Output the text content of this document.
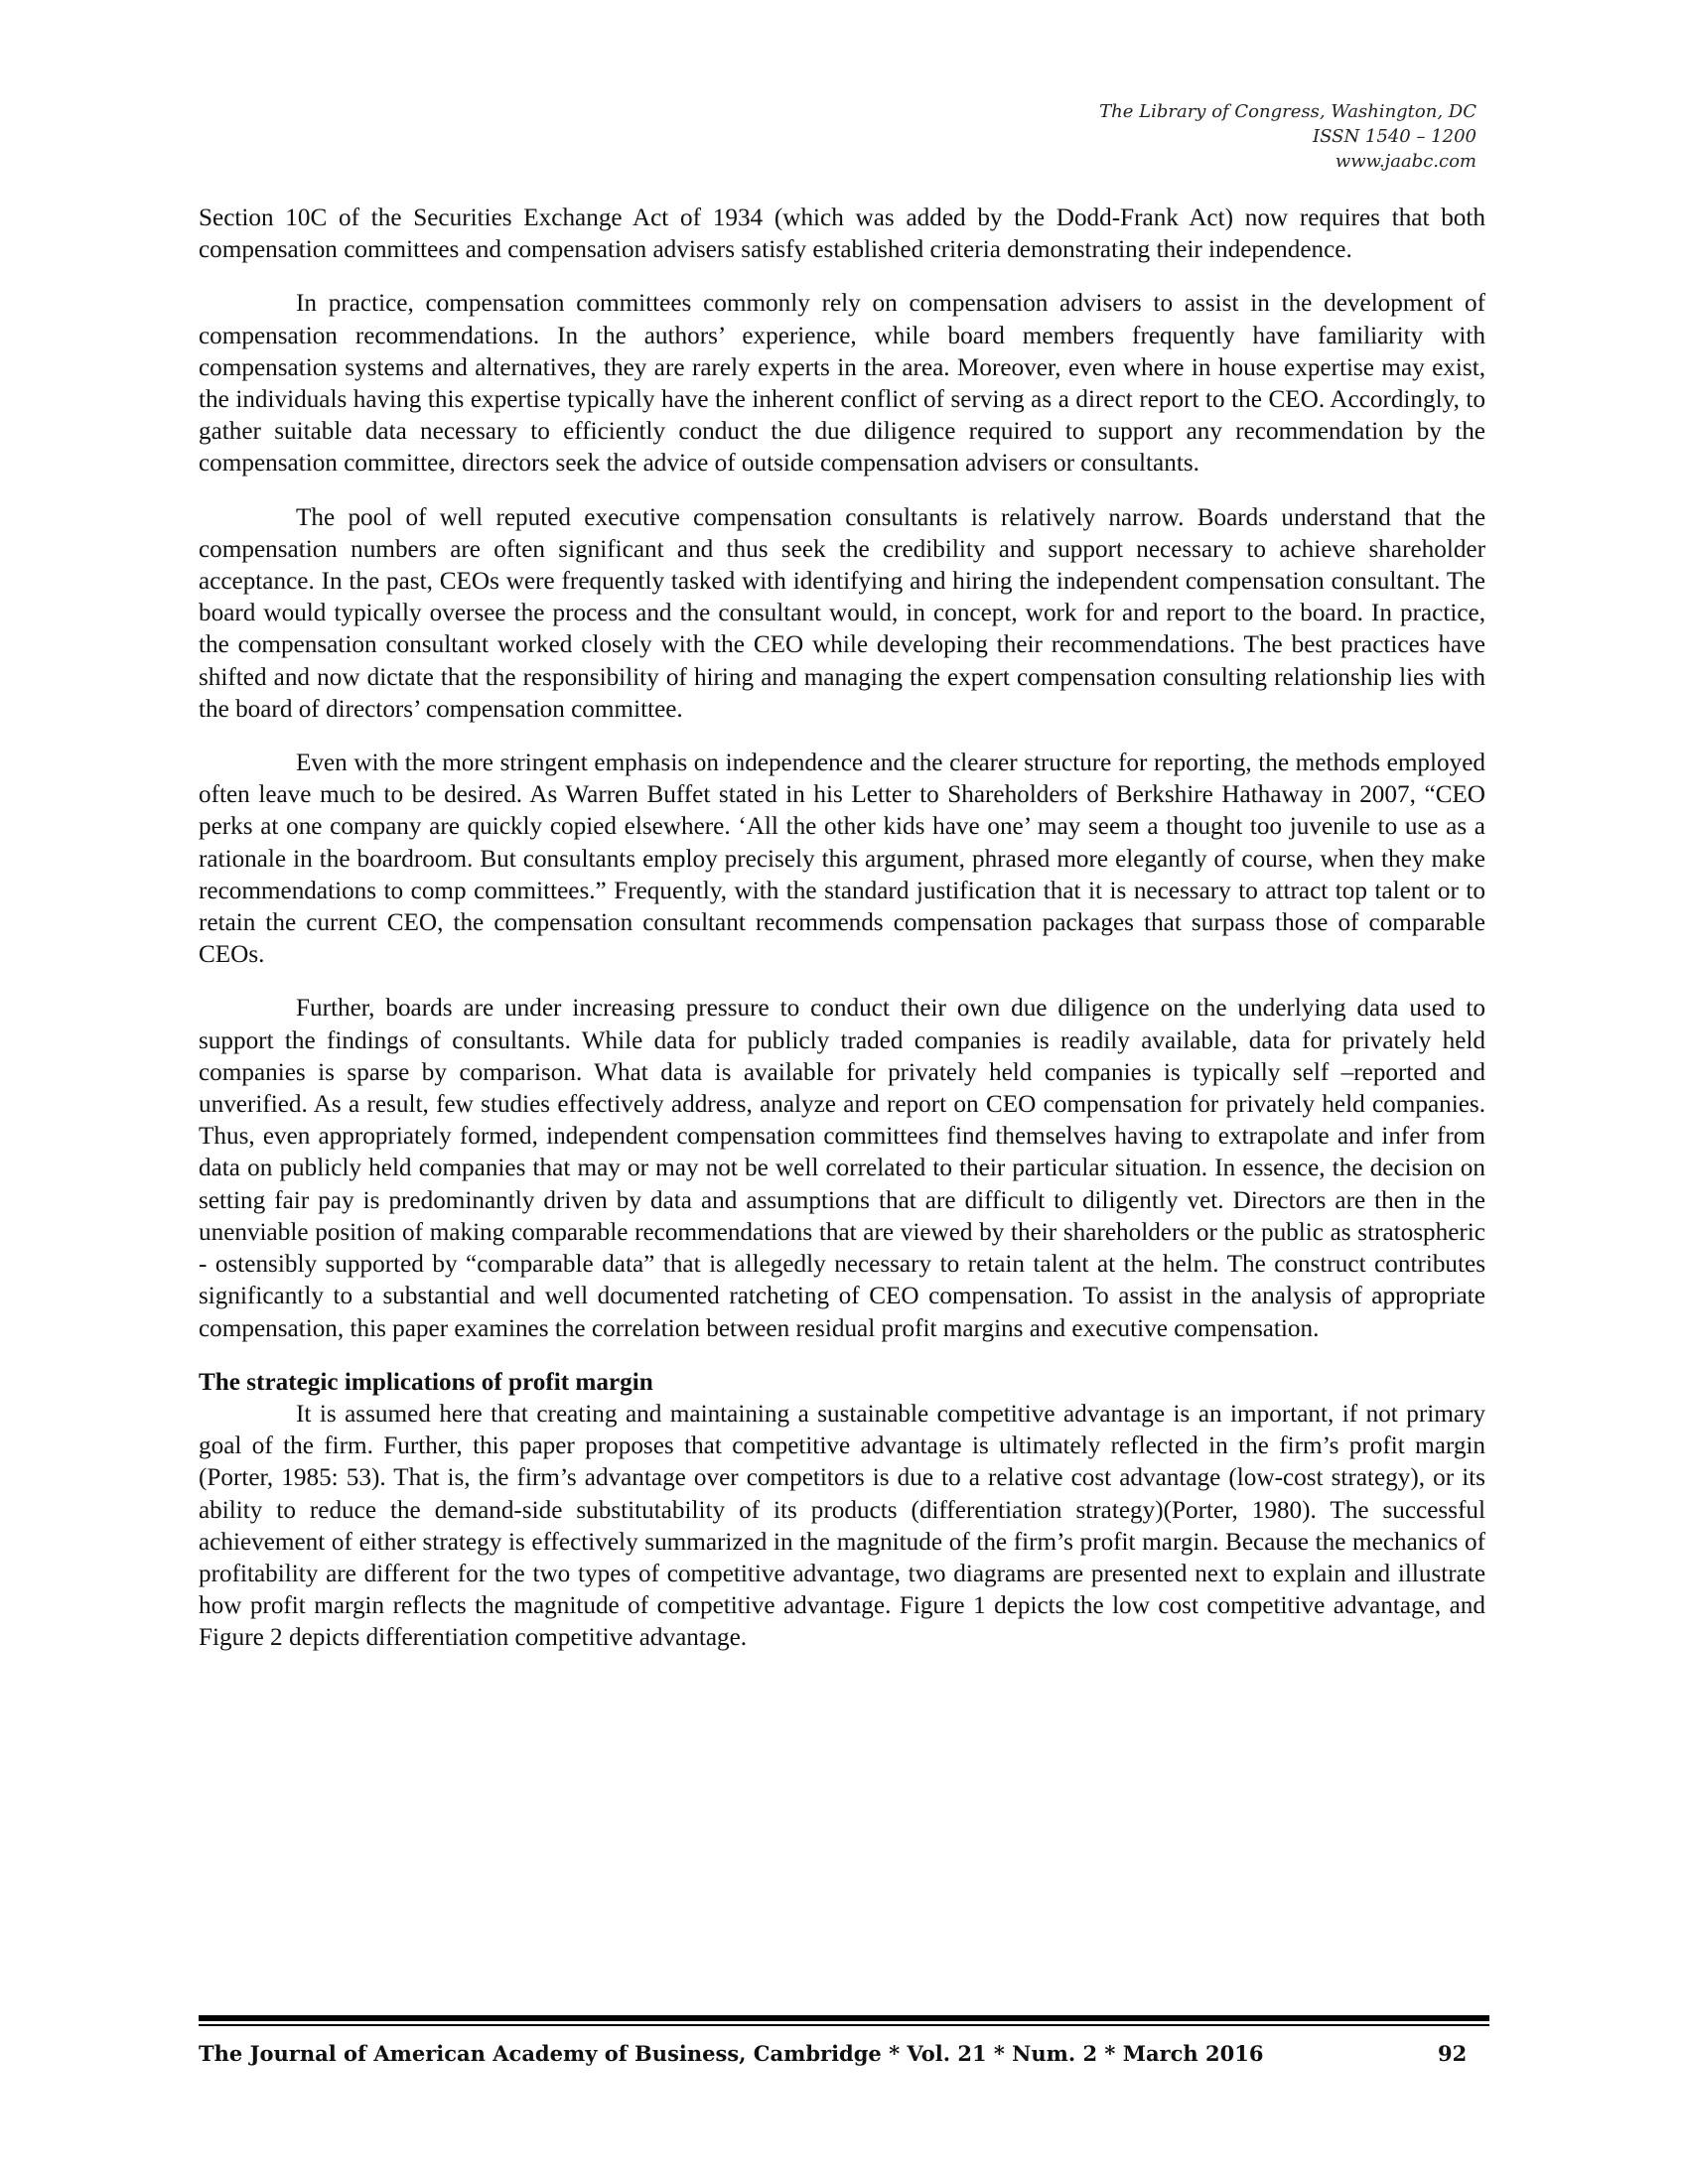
The Library of Congress, Washington, DC
ISSN 1540 – 1200
www.jaabc.com

Section 10C of the Securities Exchange Act of 1934 (which was added by the Dodd-Frank Act) now requires that both compensation committees and compensation advisers satisfy established criteria demonstrating their independence.

In practice, compensation committees commonly rely on compensation advisers to assist in the development of compensation recommendations. In the authors’ experience, while board members frequently have familiarity with compensation systems and alternatives, they are rarely experts in the area. Moreover, even where in house expertise may exist, the individuals having this expertise typically have the inherent conflict of serving as a direct report to the CEO. Accordingly, to gather suitable data necessary to efficiently conduct the due diligence required to support any recommendation by the compensation committee, directors seek the advice of outside compensation advisers or consultants.

The pool of well reputed executive compensation consultants is relatively narrow. Boards understand that the compensation numbers are often significant and thus seek the credibility and support necessary to achieve shareholder acceptance. In the past, CEOs were frequently tasked with identifying and hiring the independent compensation consultant. The board would typically oversee the process and the consultant would, in concept, work for and report to the board. In practice, the compensation consultant worked closely with the CEO while developing their recommendations. The best practices have shifted and now dictate that the responsibility of hiring and managing the expert compensation consulting relationship lies with the board of directors’ compensation committee.

Even with the more stringent emphasis on independence and the clearer structure for reporting, the methods employed often leave much to be desired. As Warren Buffet stated in his Letter to Shareholders of Berkshire Hathaway in 2007, “CEO perks at one company are quickly copied elsewhere. ‘All the other kids have one’ may seem a thought too juvenile to use as a rationale in the boardroom. But consultants employ precisely this argument, phrased more elegantly of course, when they make recommendations to comp committees.” Frequently, with the standard justification that it is necessary to attract top talent or to retain the current CEO, the compensation consultant recommends compensation packages that surpass those of comparable CEOs.

Further, boards are under increasing pressure to conduct their own due diligence on the underlying data used to support the findings of consultants. While data for publicly traded companies is readily available, data for privately held companies is sparse by comparison. What data is available for privately held companies is typically self –reported and unverified. As a result, few studies effectively address, analyze and report on CEO compensation for privately held companies. Thus, even appropriately formed, independent compensation committees find themselves having to extrapolate and infer from data on publicly held companies that may or may not be well correlated to their particular situation. In essence, the decision on setting fair pay is predominantly driven by data and assumptions that are difficult to diligently vet. Directors are then in the unenviable position of making comparable recommendations that are viewed by their shareholders or the public as stratospheric - ostensibly supported by “comparable data” that is allegedly necessary to retain talent at the helm. The construct contributes significantly to a substantial and well documented ratcheting of CEO compensation. To assist in the analysis of appropriate compensation, this paper examines the correlation between residual profit margins and executive compensation.

The strategic implications of profit margin

It is assumed here that creating and maintaining a sustainable competitive advantage is an important, if not primary goal of the firm. Further, this paper proposes that competitive advantage is ultimately reflected in the firm’s profit margin (Porter, 1985: 53). That is, the firm’s advantage over competitors is due to a relative cost advantage (low-cost strategy), or its ability to reduce the demand-side substitutability of its products (differentiation strategy)(Porter, 1980). The successful achievement of either strategy is effectively summarized in the magnitude of the firm’s profit margin. Because the mechanics of profitability are different for the two types of competitive advantage, two diagrams are presented next to explain and illustrate how profit margin reflects the magnitude of competitive advantage. Figure 1 depicts the low cost competitive advantage, and Figure 2 depicts differentiation competitive advantage.

The Journal of American Academy of Business, Cambridge * Vol. 21 * Num. 2 * March 2016	92
